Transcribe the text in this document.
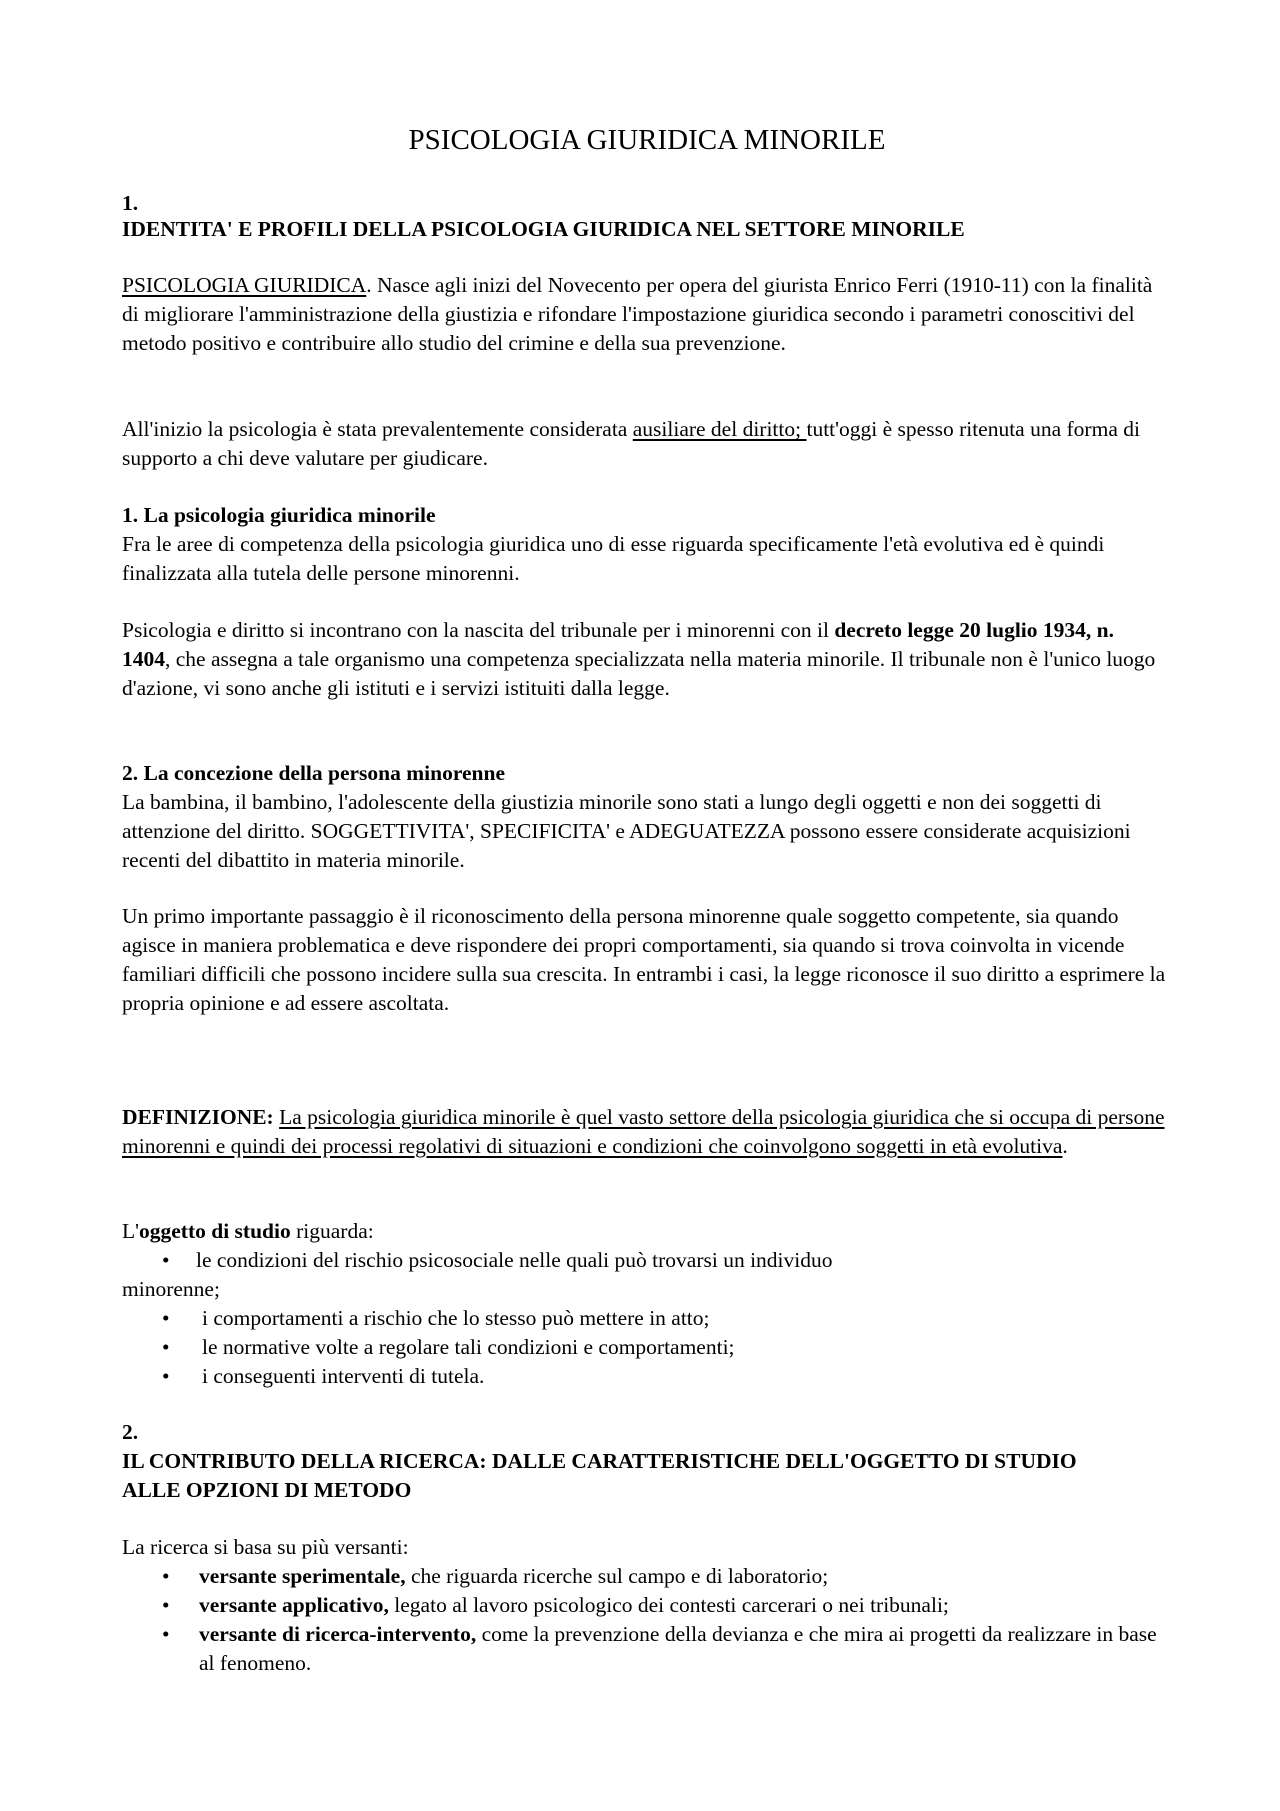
PSICOLOGIA GIURIDICA MINORILE
1.
IDENTITA' E PROFILI DELLA PSICOLOGIA GIURIDICA NEL SETTORE MINORILE
PSICOLOGIA GIURIDICA. Nasce agli inizi del Novecento per opera del giurista Enrico Ferri (1910-11) con la finalità di migliorare l'amministrazione della giustizia e rifondare l'impostazione giuridica secondo i parametri conoscitivi del metodo positivo e contribuire allo studio del crimine e della sua prevenzione.
All'inizio la psicologia è stata prevalentemente considerata ausiliare del diritto; tutt'oggi è spesso ritenuta una forma di supporto a chi deve valutare per giudicare.
1. La psicologia giuridica minorile
Fra le aree di competenza della psicologia giuridica uno di esse riguarda specificamente l'età evolutiva ed è quindi finalizzata alla tutela delle persone minorenni.
Psicologia e diritto si incontrano con la nascita del tribunale per i minorenni con il decreto legge 20 luglio 1934, n. 1404, che assegna a tale organismo una competenza specializzata nella materia minorile. Il tribunale non è l'unico luogo d'azione, vi sono anche gli istituti e i servizi istituiti dalla legge.
2. La concezione della persona minorenne
La bambina, il bambino, l'adolescente della giustizia minorile sono stati a lungo degli oggetti e non dei soggetti di attenzione del diritto. SOGGETTIVITA', SPECIFICITA' e ADEGUATEZZA possono essere considerate acquisizioni recenti del dibattito in materia minorile.
Un primo importante passaggio è il riconoscimento della persona minorenne quale soggetto competente, sia quando agisce in maniera problematica e deve rispondere dei propri comportamenti, sia quando si trova coinvolta in vicende familiari difficili che possono incidere sulla sua crescita. In entrambi i casi, la legge riconosce il suo diritto a esprimere la propria opinione e ad essere ascoltata.
DEFINIZIONE: La psicologia giuridica minorile è quel vasto settore della psicologia giuridica che si occupa di persone minorenni e quindi dei processi regolativi di situazioni e condizioni che coinvolgono soggetti in età evolutiva.
L'oggetto di studio riguarda:
• le condizioni del rischio psicosociale nelle quali può trovarsi un individuo
minorenne;
• i comportamenti a rischio che lo stesso può mettere in atto;
• le normative volte a regolare tali condizioni e comportamenti;
• i conseguenti interventi di tutela.
2.
IL CONTRIBUTO DELLA RICERCA: DALLE CARATTERISTICHE DELL'OGGETTO DI STUDIO ALLE OPZIONI DI METODO
La ricerca si basa su più versanti:
•	versante sperimentale, che riguarda ricerche sul campo e di laboratorio;
•	versante applicativo, legato al lavoro psicologico dei contesti carcerari o nei tribunali;
•	versante di ricerca-intervento, come la prevenzione della devianza e che mira ai progetti da realizzare in base al fenomeno.
